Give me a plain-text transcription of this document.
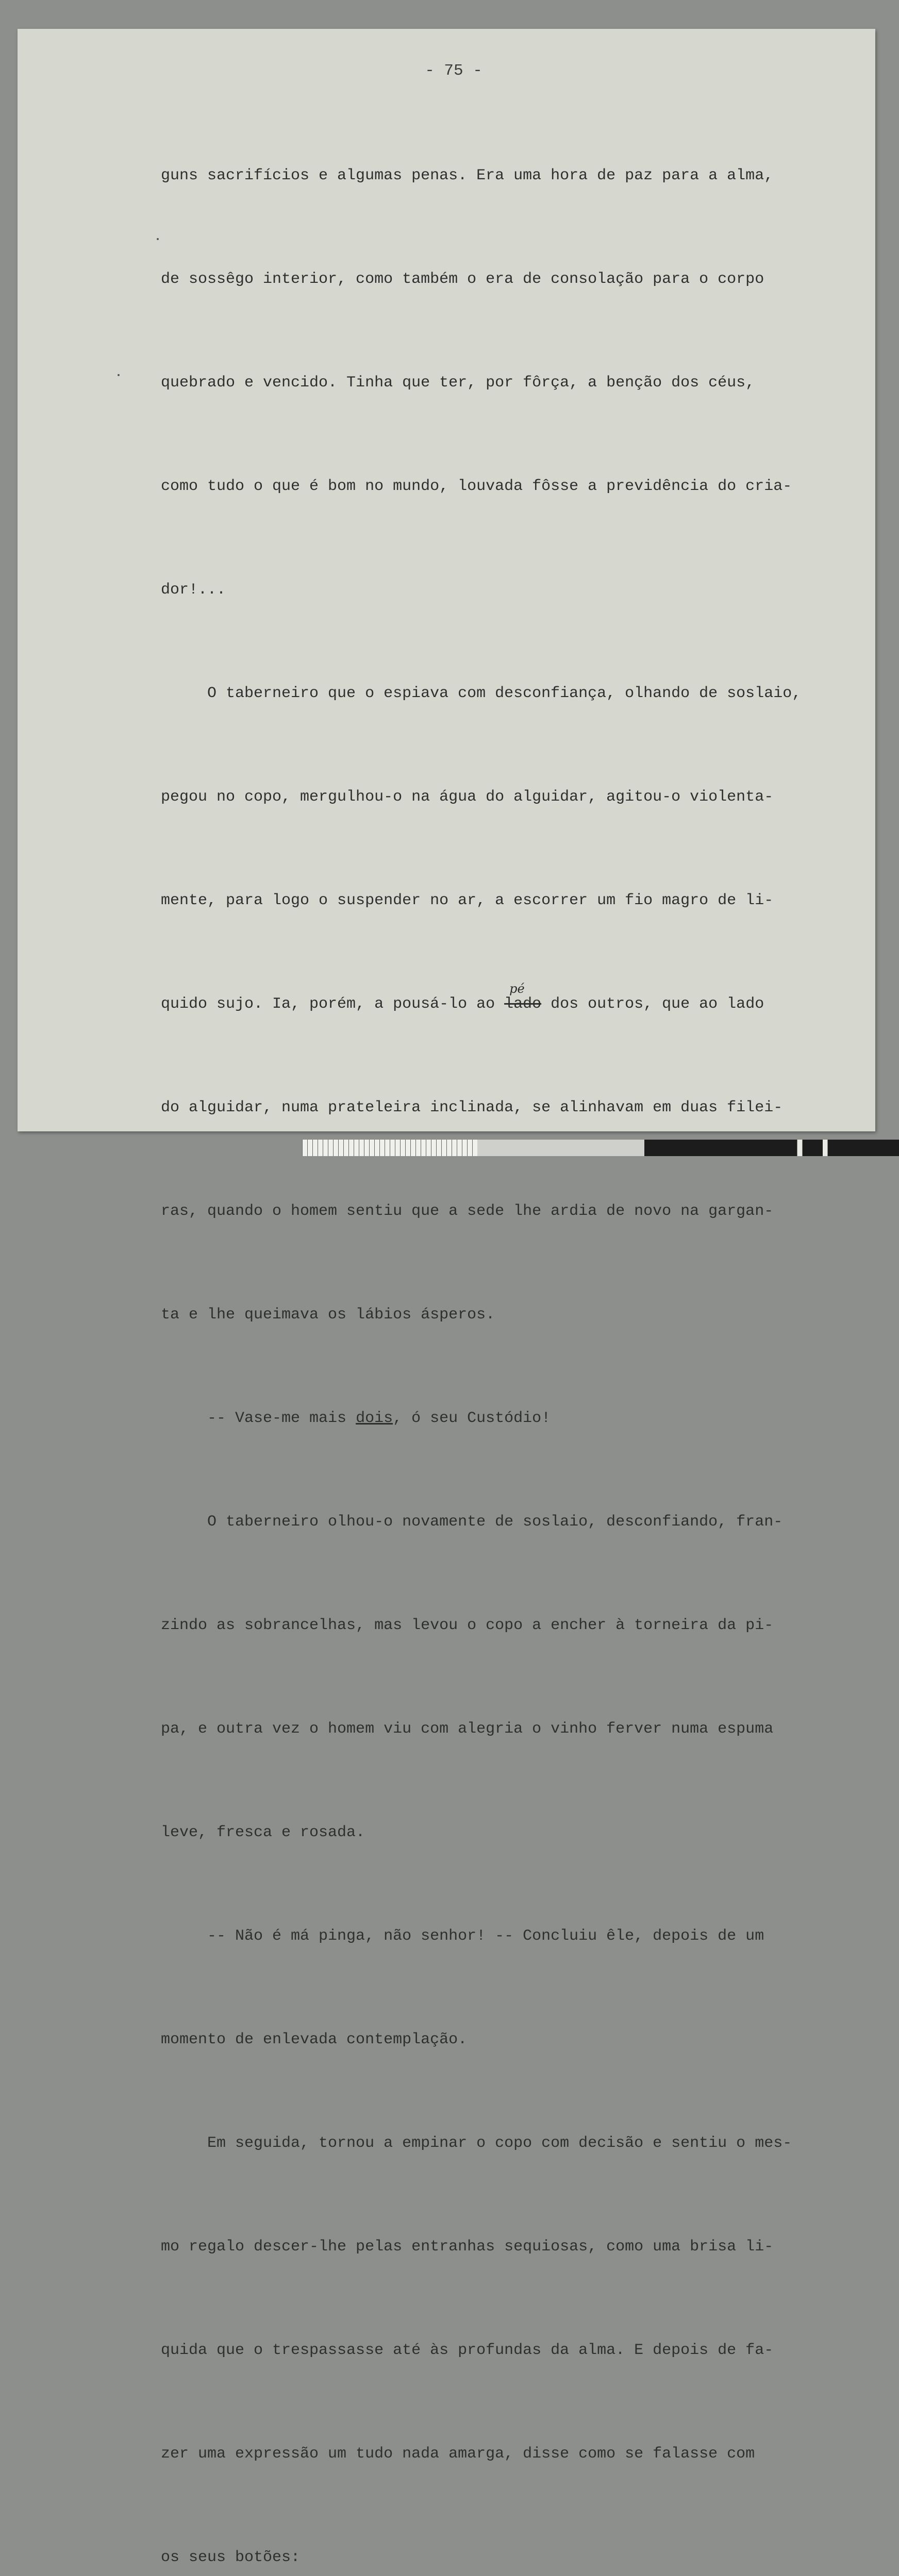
- 75 -

guns sacrifícios e algumas penas. Era uma hora de paz para a alma,

de sossêgo interior, como também o era de consolação para o corpo

quebrado e vencido. Tinha que ter, por fôrça, a benção dos céus,

como tudo o que é bom no mundo, louvada fôsse a previdência do cria-

dor!...

O taberneiro que o espiava com desconfiança, olhando de soslaio,

pegou no copo, mergulhou-o na água do alguidar, agitou-o violenta-

mente, para logo o suspender no ar, a escorrer um fio magro de li-

quido sujo. Ia, porém, a pousá-lo ao
pé
lado dos outros, que ao lado

do alguidar, numa prateleira inclinada, se alinhavam em duas filei-

ras, quando o homem sentiu que a sede lhe ardia de novo na gargan-

ta e lhe queimava os lábios ásperos.

-- Vase-me mais dois, ó seu Custódio!

O taberneiro olhou-o novamente de soslaio, desconfiando, fran-

zindo as sobrancelhas, mas levou o copo a encher à torneira da pi-

pa, e outra vez o homem viu com alegria o vinho ferver numa espuma

leve, fresca e rosada.

-- Não é má pinga, não senhor! -- Concluiu êle, depois de um

momento de enlevada contemplação.

Em seguida, tornou a empinar o copo com decisão e sentiu o mes-

mo regalo descer-lhe pelas entranhas sequiosas, como uma brisa li-

quida que o trespassasse até às profundas da alma. E depois de fa-

zer uma expressão um tudo nada amarga, disse como se falasse com

os seus botões:
